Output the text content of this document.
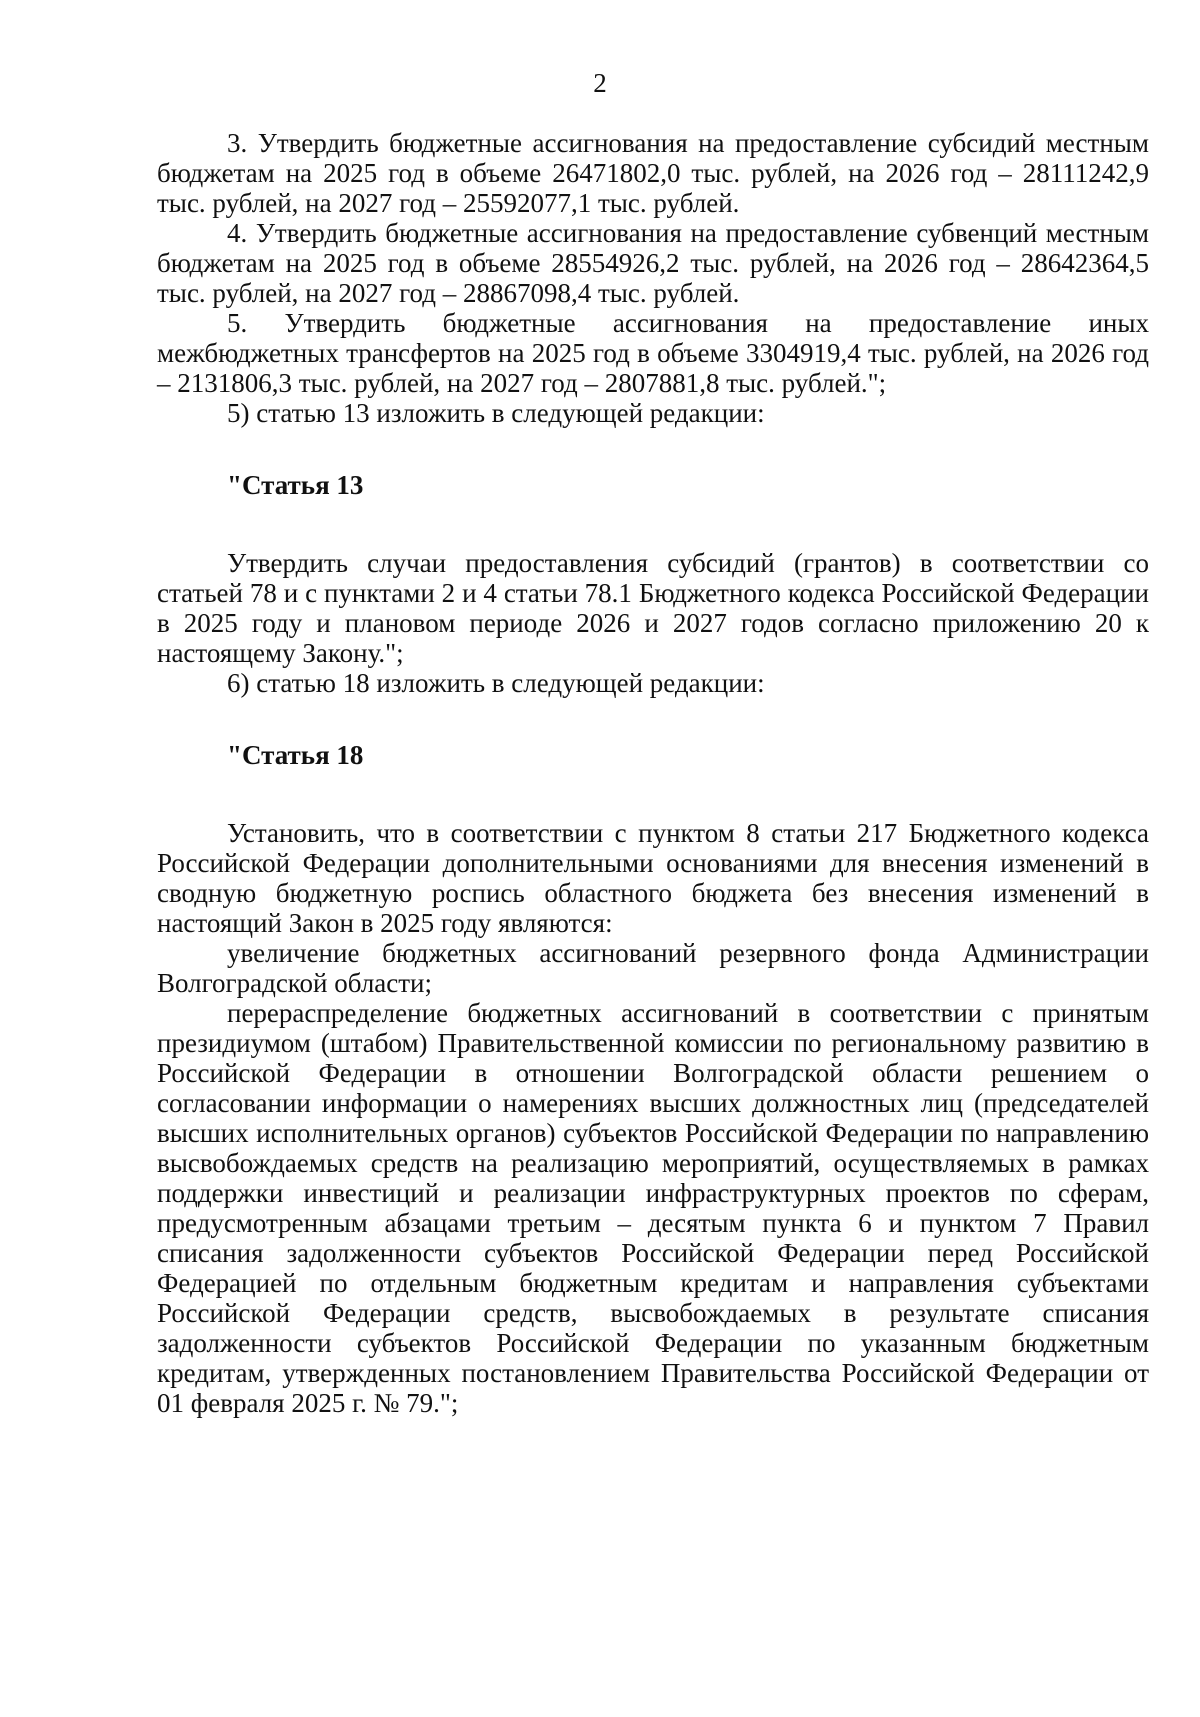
2

3. Утвердить бюджетные ассигнования на предоставление субсидий местным бюджетам на 2025 год в объеме 26471802,0 тыс. рублей, на 2026 год – 28111242,9 тыс. рублей, на 2027 год – 25592077,1 тыс. рублей.

4. Утвердить бюджетные ассигнования на предоставление субвенций местным бюджетам на 2025 год в объеме 28554926,2 тыс. рублей, на 2026 год – 28642364,5 тыс. рублей, на 2027 год – 28867098,4 тыс. рублей.

5. Утвердить бюджетные ассигнования на предоставление иных межбюджетных трансфертов на 2025 год в объеме 3304919,4 тыс. рублей, на 2026 год – 2131806,3 тыс. рублей, на 2027 год – 2807881,8 тыс. рублей.";

5) статью 13 изложить в следующей редакции:

"Статья 13

Утвердить случаи предоставления субсидий (грантов) в соответствии со статьей 78 и с пунктами 2 и 4 статьи 78.1 Бюджетного кодекса Российской Федерации в 2025 году и плановом периоде 2026 и 2027 годов согласно приложению 20 к настоящему Закону.";

6) статью 18 изложить в следующей редакции:

"Статья 18

Установить, что в соответствии с пунктом 8 статьи 217 Бюджетного кодекса Российской Федерации дополнительными основаниями для внесения изменений в сводную бюджетную роспись областного бюджета без внесения изменений в настоящий Закон в 2025 году являются:

увеличение бюджетных ассигнований резервного фонда Администрации Волгоградской области;

перераспределение бюджетных ассигнований в соответствии с принятым президиумом (штабом) Правительственной комиссии по региональному развитию в Российской Федерации в отношении Волгоградской области решением о согласовании информации о намерениях высших должностных лиц (председателей высших исполнительных органов) субъектов Российской Федерации по направлению высвобождаемых средств на реализацию мероприятий, осуществляемых в рамках поддержки инвестиций и реализации инфраструктурных проектов по сферам, предусмотренным абзацами третьим – десятым пункта 6 и пунктом 7 Правил списания задолженности субъектов Российской Федерации перед Российской Федерацией по отдельным бюджетным кредитам и направления субъектами Российской Федерации средств, высвобождаемых в результате списания задолженности субъектов Российской Федерации по указанным бюджетным кредитам, утвержденных постановлением Правительства Российской Федерации от 01 февраля 2025 г. № 79.";
